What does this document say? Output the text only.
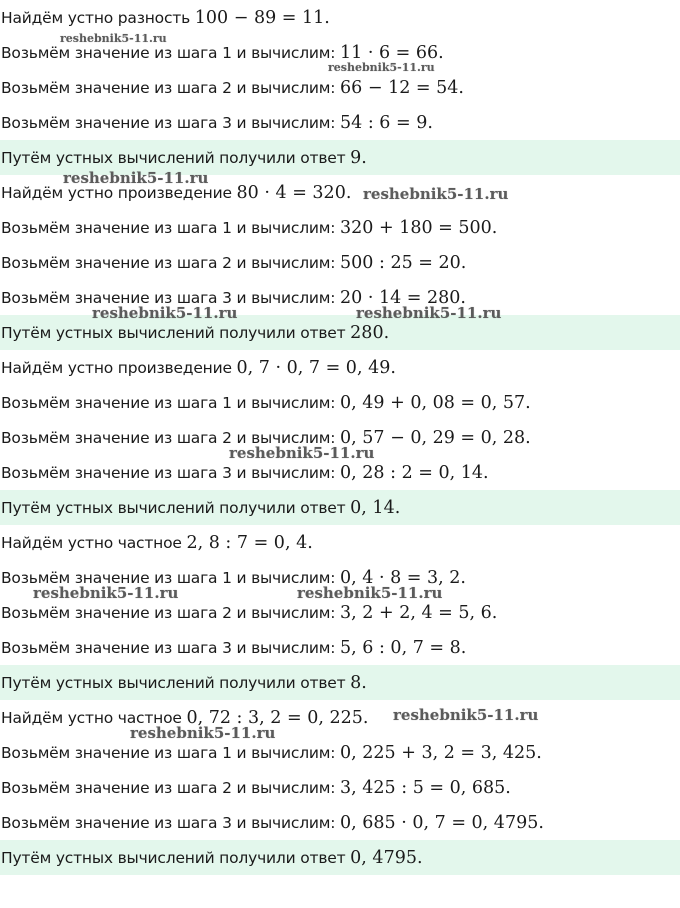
Найдём устно разность 100 − 89 = 11.
Возьмём значение из шага 1 и вычислим: 11 · 6 = 66.
Возьмём значение из шага 2 и вычислим: 66 − 12 = 54.
Возьмём значение из шага 3 и вычислим: 54 : 6 = 9.
Путём устных вычислений получили ответ 9.
Найдём устно произведение 80 · 4 = 320.
Возьмём значение из шага 1 и вычислим: 320 + 180 = 500.
Возьмём значение из шага 2 и вычислим: 500 : 25 = 20.
Возьмём значение из шага 3 и вычислим: 20 · 14 = 280.
Путём устных вычислений получили ответ 280.
Найдём устно произведение 0, 7 · 0, 7 = 0, 49.
Возьмём значение из шага 1 и вычислим: 0, 49 + 0, 08 = 0, 57.
Возьмём значение из шага 2 и вычислим: 0, 57 − 0, 29 = 0, 28.
Возьмём значение из шага 3 и вычислим: 0, 28 : 2 = 0, 14.
Путём устных вычислений получили ответ 0, 14.
Найдём устно частное 2, 8 : 7 = 0, 4.
Возьмём значение из шага 1 и вычислим: 0, 4 · 8 = 3, 2.
Возьмём значение из шага 2 и вычислим: 3, 2 + 2, 4 = 5, 6.
Возьмём значение из шага 3 и вычислим: 5, 6 : 0, 7 = 8.
Путём устных вычислений получили ответ 8.
Найдём устно частное 0, 72 : 3, 2 = 0, 225.
Возьмём значение из шага 1 и вычислим: 0, 225 + 3, 2 = 3, 425.
Возьмём значение из шага 2 и вычислим: 3, 425 : 5 = 0, 685.
Возьмём значение из шага 3 и вычислим: 0, 685 · 0, 7 = 0, 4795.
Путём устных вычислений получили ответ 0, 4795.
reshebnik5-11.ru
reshebnik5-11.ru
reshebnik5-11.ru
reshebnik5-11.ru
reshebnik5-11.ru	reshebnik5-11.ru
reshebnik5-11.ru
reshebnik5-11.ru	reshebnik5-11.ru
reshebnik5-11.ru
reshebnik5-11.ru
